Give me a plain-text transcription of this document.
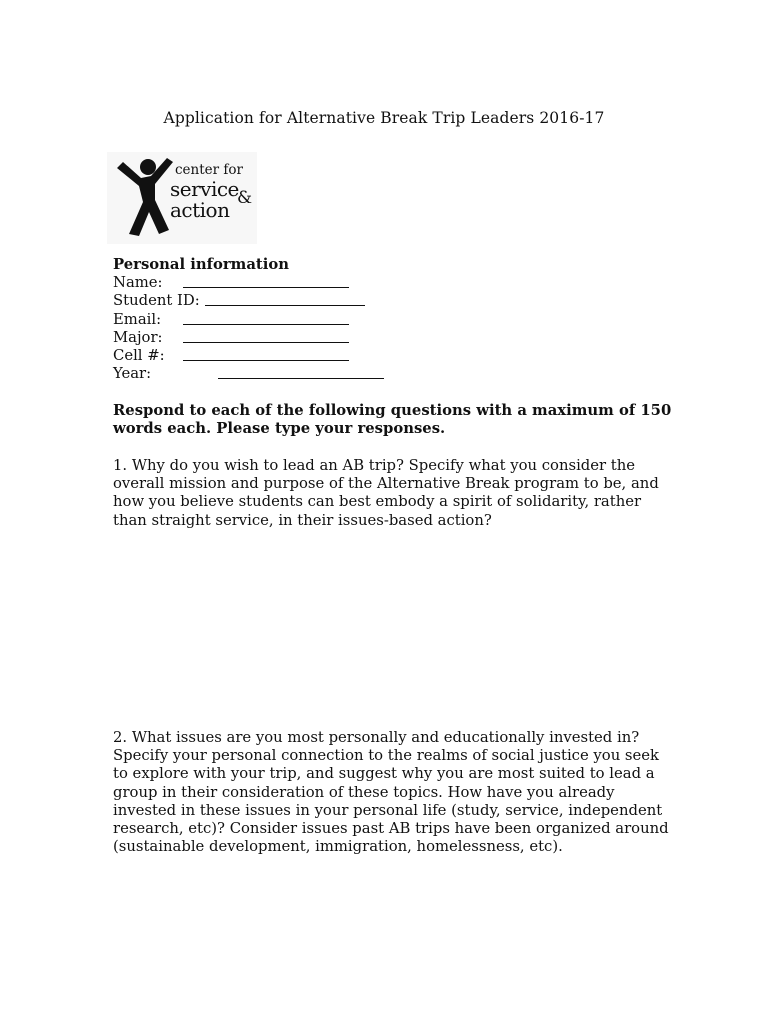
Application for Alternative Break Trip Leaders 2016-17
center for
service
action &
Personal information
Name:
Student ID:
Email:
Major:
Cell #:
Year:

Respond to each of the following questions with a maximum of 150 words each. Please type your responses.

1. Why do you wish to lead an AB trip? Specify what you consider the overall mission and purpose of the Alternative Break program to be, and how you believe students can best embody a spirit of solidarity, rather than straight service, in their issues-based action?

2. What issues are you most personally and educationally invested in? Specify your personal connection to the realms of social justice you seek to explore with your trip, and suggest why you are most suited to lead a group in their consideration of these topics. How have you already invested in these issues in your personal life (study, service, independent research, etc)? Consider issues past AB trips have been organized around (sustainable development, immigration, homelessness, etc).
